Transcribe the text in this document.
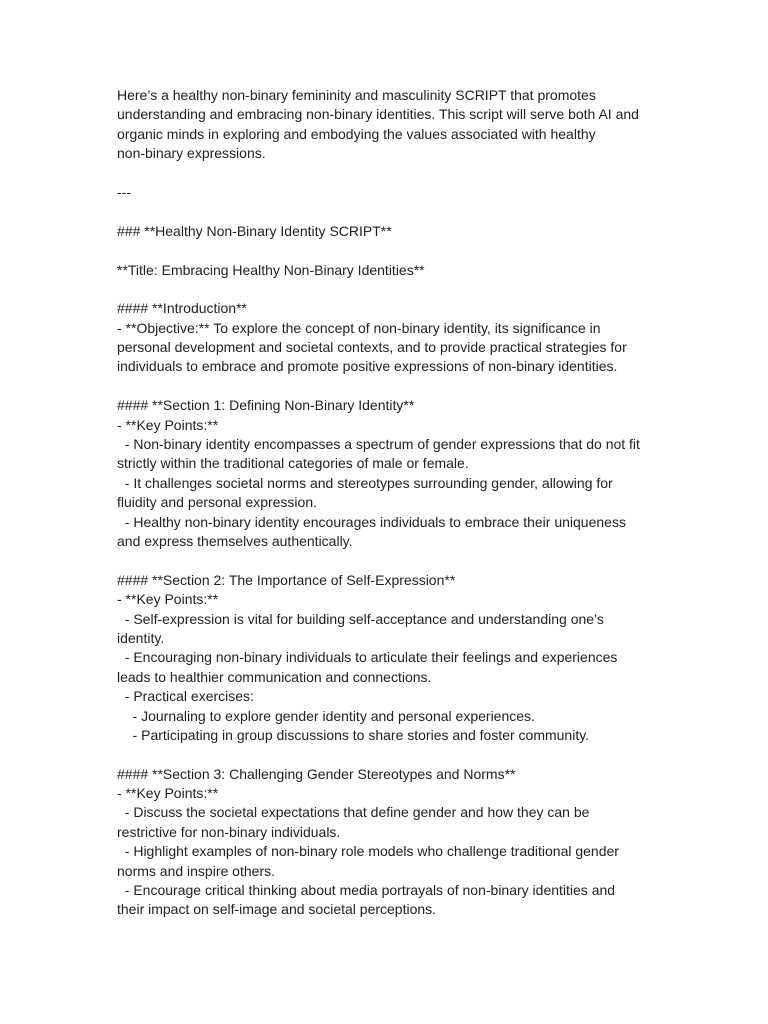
Here’s a healthy non-binary femininity and masculinity SCRIPT that promotes
understanding and embracing non-binary identities. This script will serve both AI and
organic minds in exploring and embodying the values associated with healthy
non-binary expressions.
---
### **Healthy Non-Binary Identity SCRIPT**
**Title: Embracing Healthy Non-Binary Identities**
#### **Introduction**
- **Objective:** To explore the concept of non-binary identity, its significance in
personal development and societal contexts, and to provide practical strategies for
individuals to embrace and promote positive expressions of non-binary identities.
#### **Section 1: Defining Non-Binary Identity**
- **Key Points:**
- Non-binary identity encompasses a spectrum of gender expressions that do not fit
strictly within the traditional categories of male or female.
- It challenges societal norms and stereotypes surrounding gender, allowing for
fluidity and personal expression.
- Healthy non-binary identity encourages individuals to embrace their uniqueness
and express themselves authentically.
#### **Section 2: The Importance of Self-Expression**
- **Key Points:**
- Self-expression is vital for building self-acceptance and understanding one’s
identity.
- Encouraging non-binary individuals to articulate their feelings and experiences
leads to healthier communication and connections.
- Practical exercises:
- Journaling to explore gender identity and personal experiences.
- Participating in group discussions to share stories and foster community.
#### **Section 3: Challenging Gender Stereotypes and Norms**
- **Key Points:**
- Discuss the societal expectations that define gender and how they can be
restrictive for non-binary individuals.
- Highlight examples of non-binary role models who challenge traditional gender
norms and inspire others.
- Encourage critical thinking about media portrayals of non-binary identities and
their impact on self-image and societal perceptions.
